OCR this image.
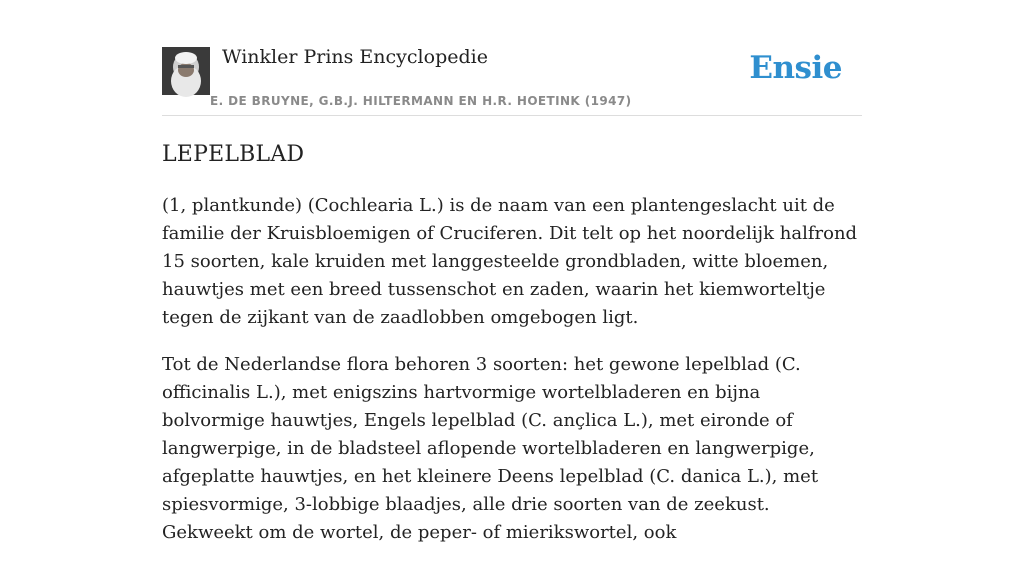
Winkler Prins Encyclopedie
E. DE BRUYNE, G.B.J. HILTERMANN EN H.R. HOETINK (1947)
Ensie
LEPELBLAD

(1, plantkunde) (Cochlearia L.) is de naam van een plantengeslacht uit de familie der Kruisbloemigen of Cruciferen. Dit telt op het noordelijk halfrond 15 soorten, kale kruiden met langgesteelde grondbladen, witte bloemen, hauwtjes met een breed tussenschot en zaden, waarin het kiemworteltje tegen de zijkant van de zaadlobben omgebogen ligt.

Tot de Nederlandse flora behoren 3 soorten: het gewone lepelblad (C. officinalis L.), met enigszins hartvormige wortelbladeren en bijna bolvormige hauwtjes, Engels lepelblad (C. ançlica L.), met eironde of langwerpige, in de bladsteel aflopende wortelbladeren en langwerpige, afgeplatte hauwtjes, en het kleinere Deens lepelblad (C. danica L.), met spiesvormige, 3-lobbige blaadjes, alle drie soorten van de zeekust. Gekweekt om de wortel, de peper- of mierikswortel, ook
